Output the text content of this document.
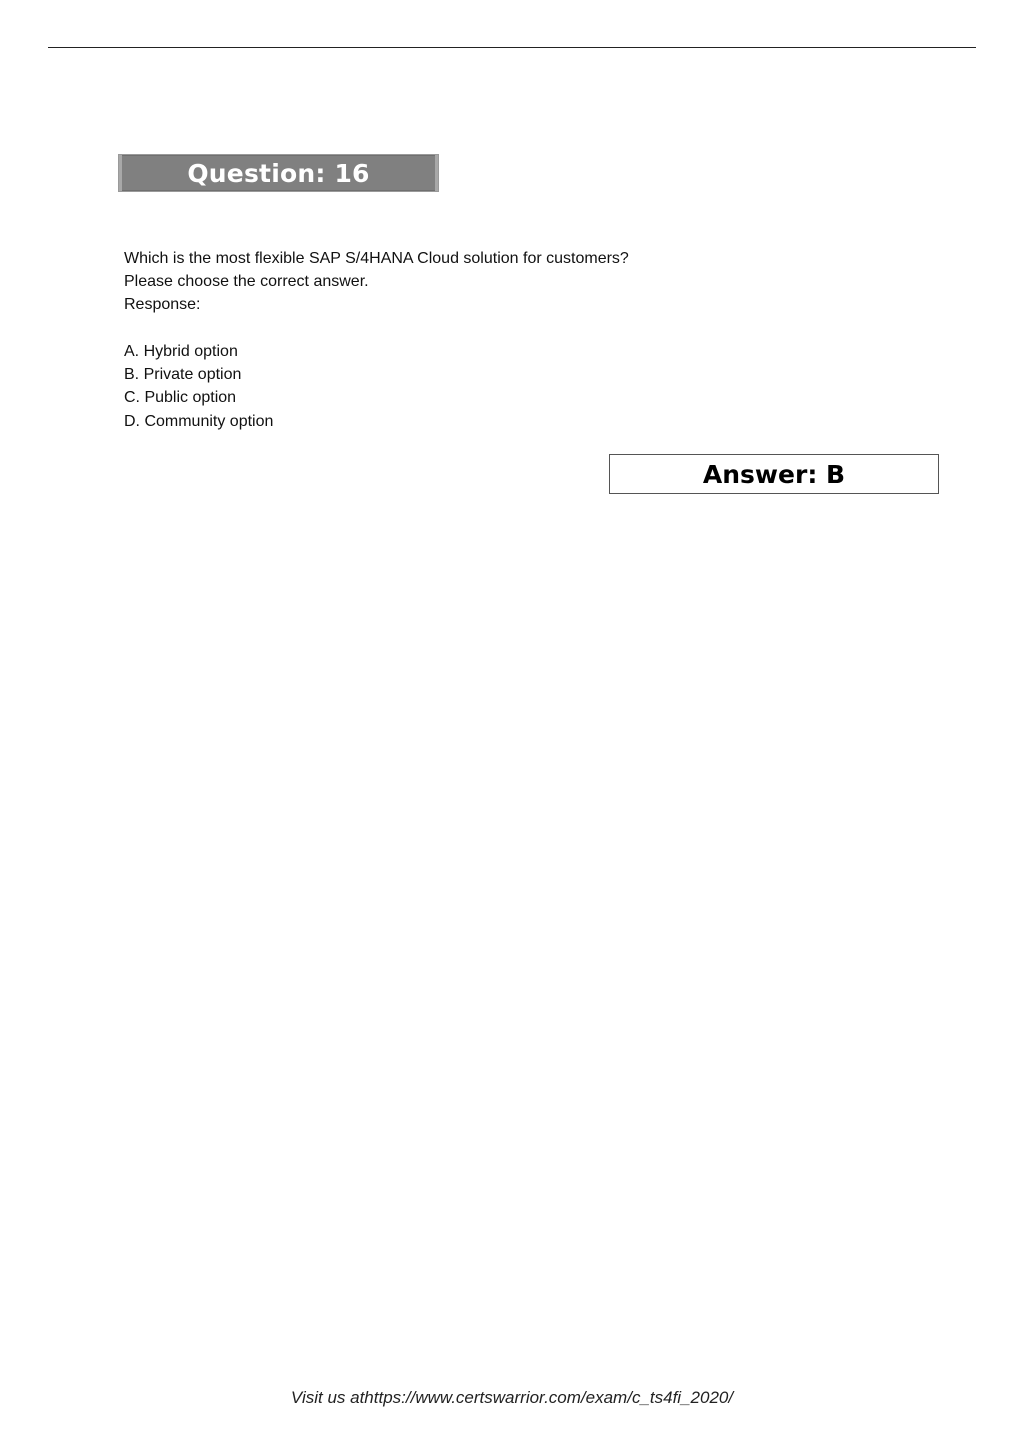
Question: 16

Which is the most flexible SAP S/4HANA Cloud solution for customers?

Please choose the correct answer.

Response:

A. Hybrid option
B. Private option
C. Public option
D. Community option
Answer: B
Visit us athttps://www.certswarrior.com/exam/c_ts4fi_2020/
